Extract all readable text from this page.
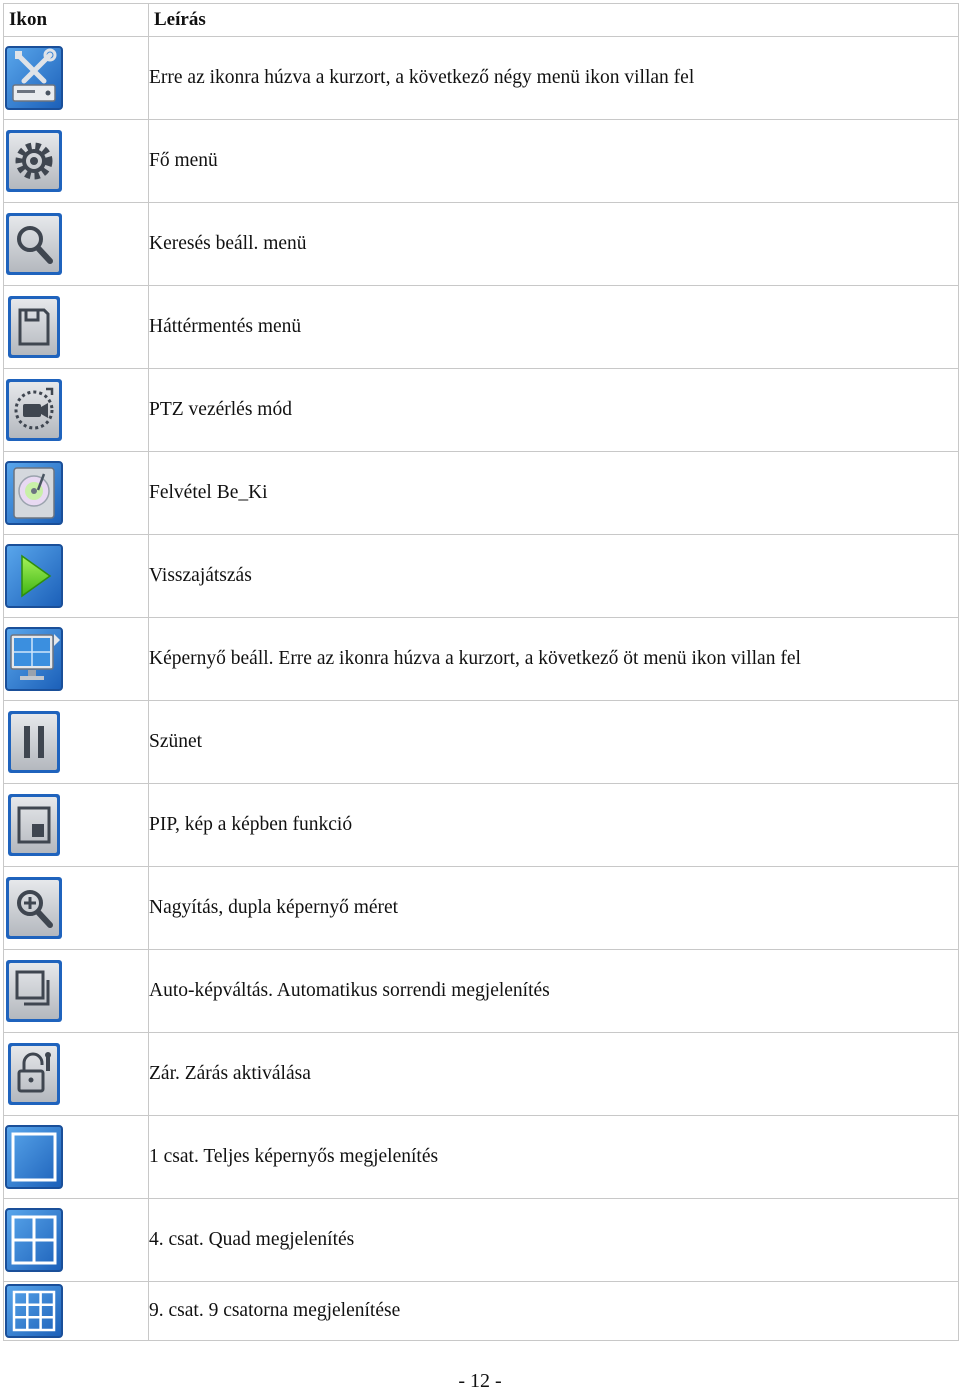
Ikon	Leírás

	Erre az ikonra húzva a kurzort, a következő négy menü ikon villan fel

	Fő menü

	Keresés beáll. menü

	Háttérmentés menü

	PTZ vezérlés mód

	Felvétel Be_Ki

	Visszajátszás

	Képernyő beáll. Erre az ikonra húzva a kurzort, a következő öt menü ikon villan fel

	Szünet

	PIP, kép a képben funkció

	Nagyítás, dupla képernyő méret

	Auto-képváltás. Automatikus sorrendi megjelenítés

	Zár. Zárás aktiválása

	1 csat. Teljes képernyős megjelenítés

	4. csat. Quad megjelenítés

	9. csat. 9 csatorna megjelenítése
- 12 -
